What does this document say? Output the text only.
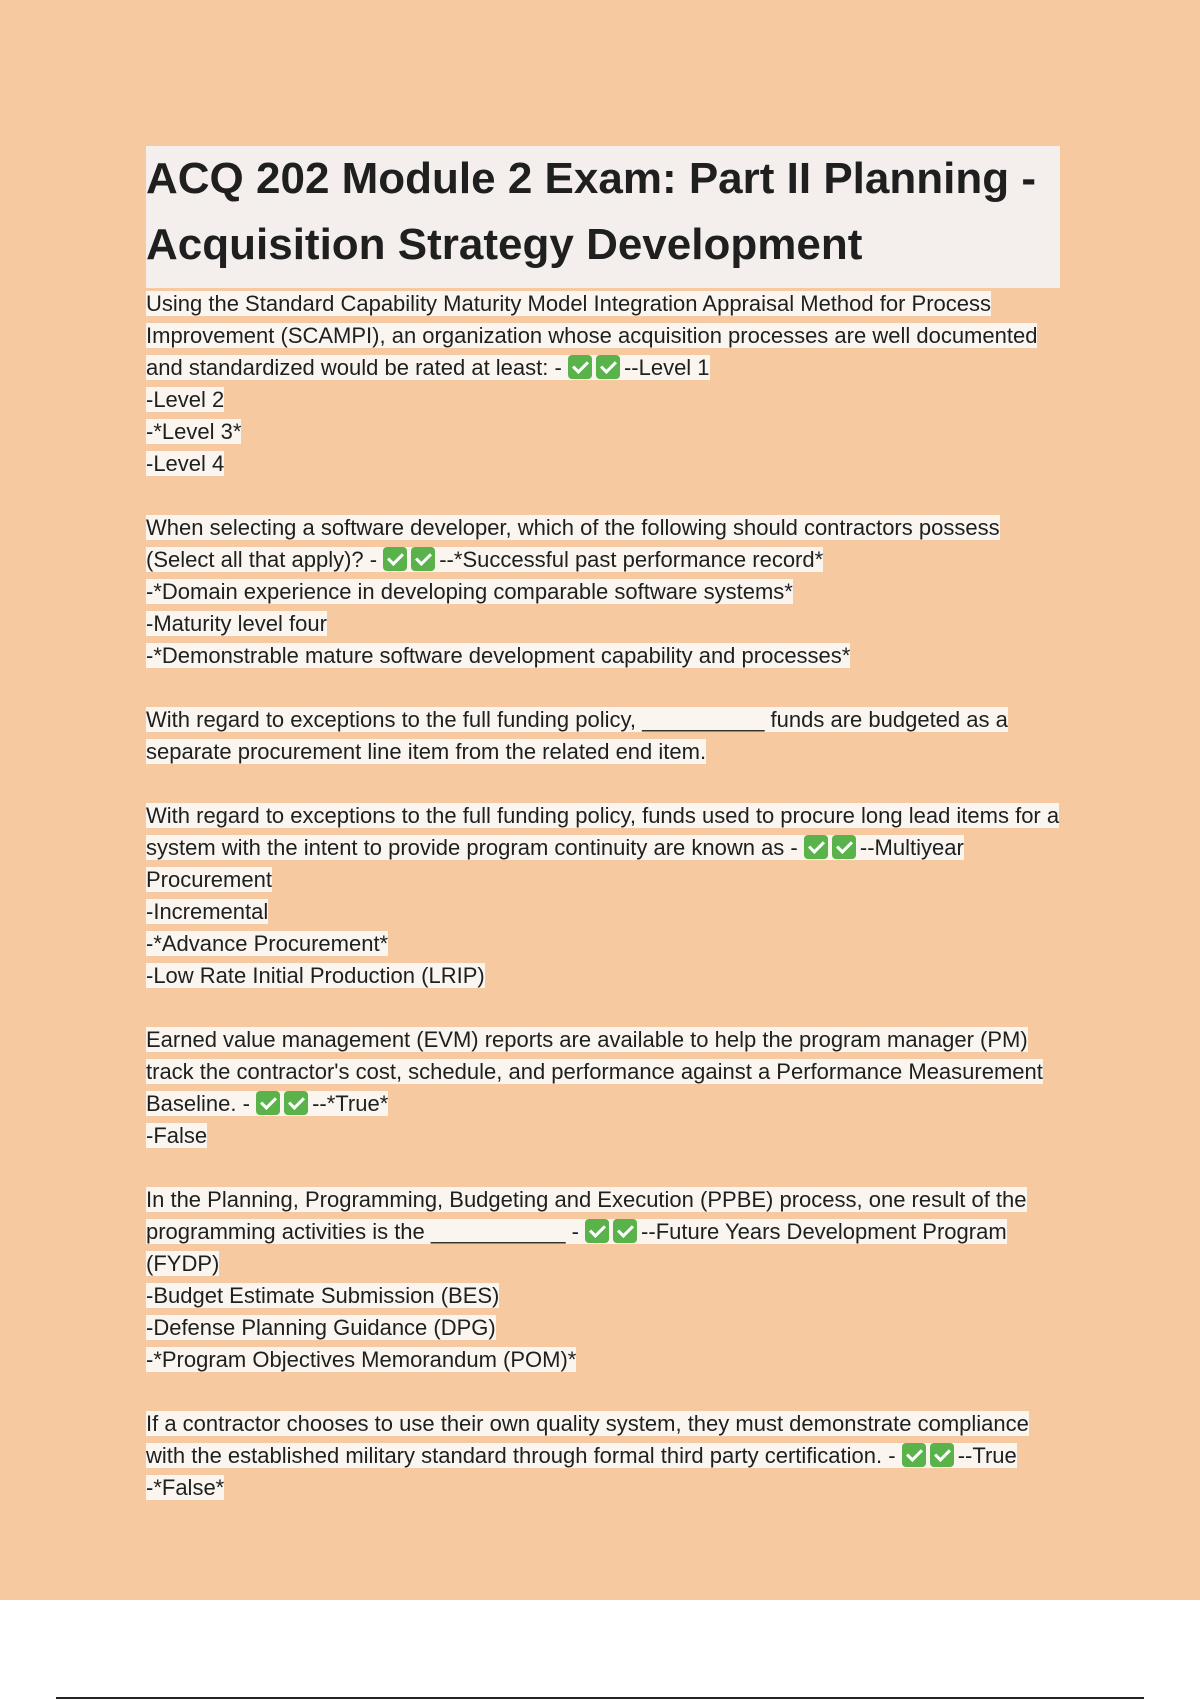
ACQ 202 Module 2 Exam: Part II Planning - Acquisition Strategy Development
Using the Standard Capability Maturity Model Integration Appraisal Method for Process Improvement (SCAMPI), an organization whose acquisition processes are well documented and standardized would be rated at least: -	--Level 1
-Level 2
-*Level 3*
-Level 4
When selecting a software developer, which of the following should contractors possess (Select all that apply)? -	--*Successful past performance record*
-*Domain experience in developing comparable software systems*
-Maturity level four
-*Demonstrable mature software development capability and processes*
With regard to exceptions to the full funding policy, __________ funds are budgeted as a separate procurement line item from the related end item.
With regard to exceptions to the full funding policy, funds used to procure long lead items for a system with the intent to provide program continuity are known as -	--Multiyear Procurement
-Incremental
-*Advance Procurement*
-Low Rate Initial Production (LRIP)
Earned value management (EVM) reports are available to help the program manager (PM) track the contractor's cost, schedule, and performance against a Performance Measurement Baseline. -	--*True*
-False
In the Planning, Programming, Budgeting and Execution (PPBE) process, one result of the programming activities is the ___________ -	--Future Years Development Program (FYDP)
-Budget Estimate Submission (BES)
-Defense Planning Guidance (DPG)
-*Program Objectives Memorandum (POM)*
If a contractor chooses to use their own quality system, they must demonstrate compliance with the established military standard through formal third party certification. -	--True
-*False*
